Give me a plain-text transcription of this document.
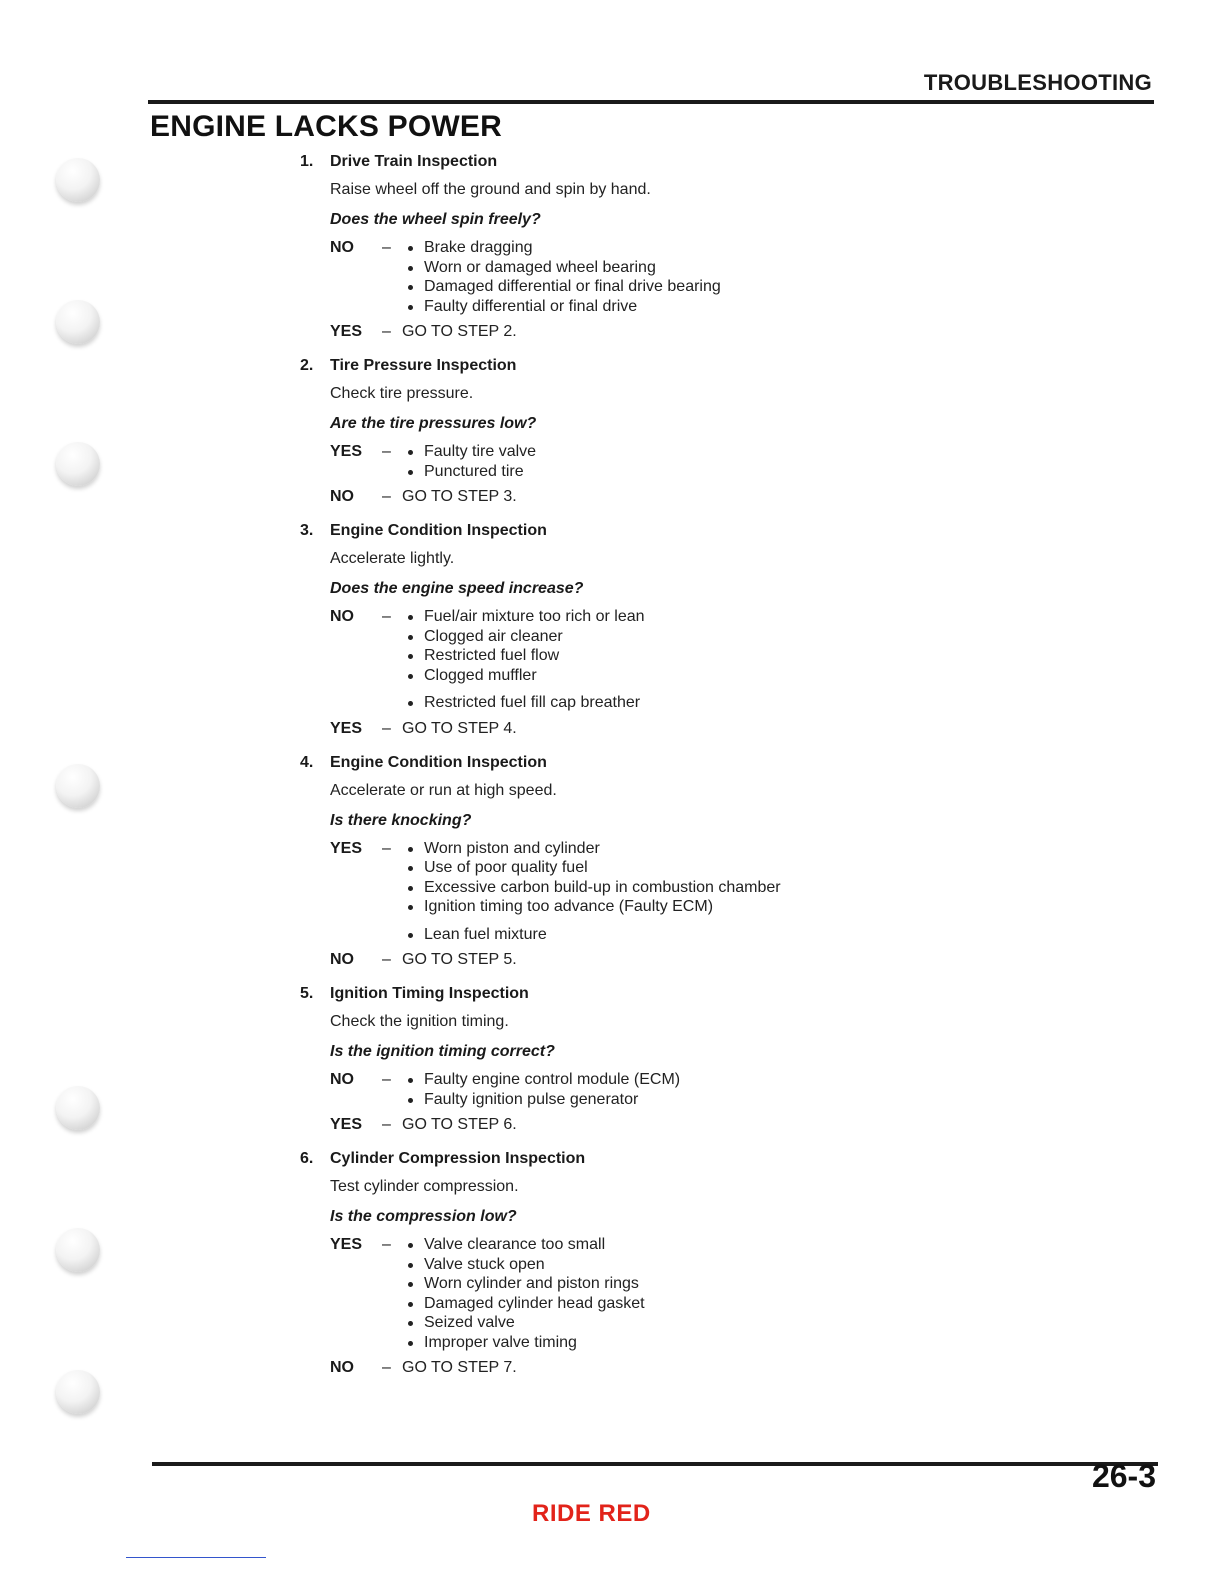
TROUBLESHOOTING
ENGINE LACKS POWER
1.	Drive Train Inspection
Raise wheel off the ground and spin by hand.
Does the wheel spin freely?
NO	–	Brake dragging
Worn or damaged wheel bearing
Damaged differential or final drive bearing
Faulty differential or final drive
YES	– GO TO STEP 2.
2.	Tire Pressure Inspection
Check tire pressure.
Are the tire pressures low?
YES	–	Faulty tire valve
Punctured tire
NO	– GO TO STEP 3.
3.	Engine Condition Inspection
Accelerate lightly.
Does the engine speed increase?
NO	–	Fuel/air mixture too rich or lean
Clogged air cleaner
Restricted fuel flow
Clogged muffler
Restricted fuel fill cap breather
YES	– GO TO STEP 4.
4.	Engine Condition Inspection
Accelerate or run at high speed.
Is there knocking?
YES	–	Worn piston and cylinder
Use of poor quality fuel
Excessive carbon build-up in combustion chamber
Ignition timing too advance (Faulty ECM)
Lean fuel mixture
NO	– GO TO STEP 5.
5.	Ignition Timing Inspection
Check the ignition timing.
Is the ignition timing correct?
NO	–	Faulty engine control module (ECM)
Faulty ignition pulse generator
YES	– GO TO STEP 6.
6.	Cylinder Compression Inspection
Test cylinder compression.
Is the compression low?
YES	–	Valve clearance too small
Valve stuck open
Worn cylinder and piston rings
Damaged cylinder head gasket
Seized valve
Improper valve timing
NO	– GO TO STEP 7.
26-3
RIDE RED
